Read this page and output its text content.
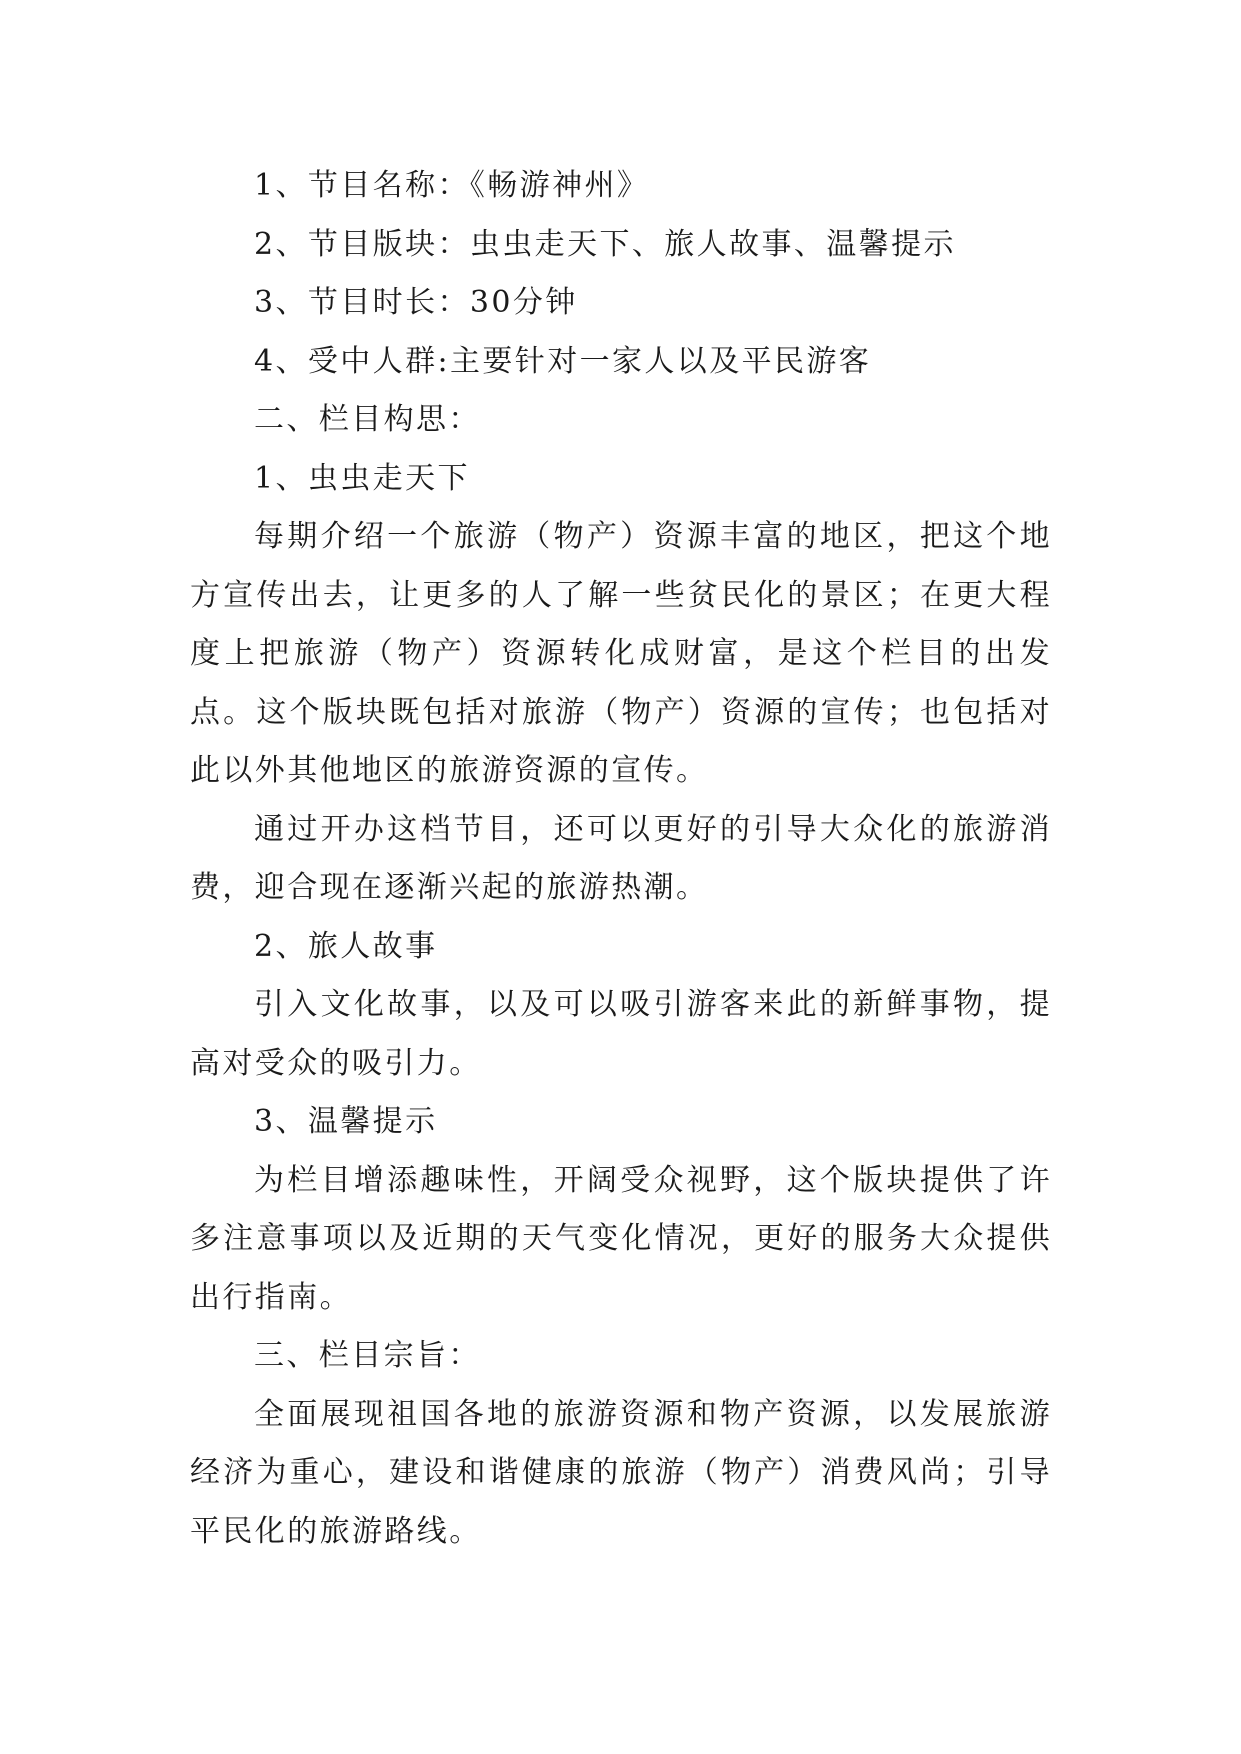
1、节目名称：《畅游神州》

2、节目版块：虫虫走天下、旅人故事、温馨提示

3、节目时长：30分钟

4、受中人群:主要针对一家人以及平民游客

二、栏目构思：

1、虫虫走天下

每期介绍一个旅游（物产）资源丰富的地区，把这个地方宣传出去，让更多的人了解一些贫民化的景区；在更大程度上把旅游（物产）资源转化成财富，是这个栏目的出发点。这个版块既包括对旅游（物产）资源的宣传；也包括对此以外其他地区的旅游资源的宣传。

通过开办这档节目，还可以更好的引导大众化的旅游消费，迎合现在逐渐兴起的旅游热潮。

2、旅人故事

引入文化故事，以及可以吸引游客来此的新鲜事物，提高对受众的吸引力。

3、温馨提示

为栏目增添趣味性，开阔受众视野，这个版块提供了许多注意事项以及近期的天气变化情况，更好的服务大众提供出行指南。

三、栏目宗旨：

全面展现祖国各地的旅游资源和物产资源，以发展旅游经济为重心，建设和谐健康的旅游（物产）消费风尚；引导平民化的旅游路线。
